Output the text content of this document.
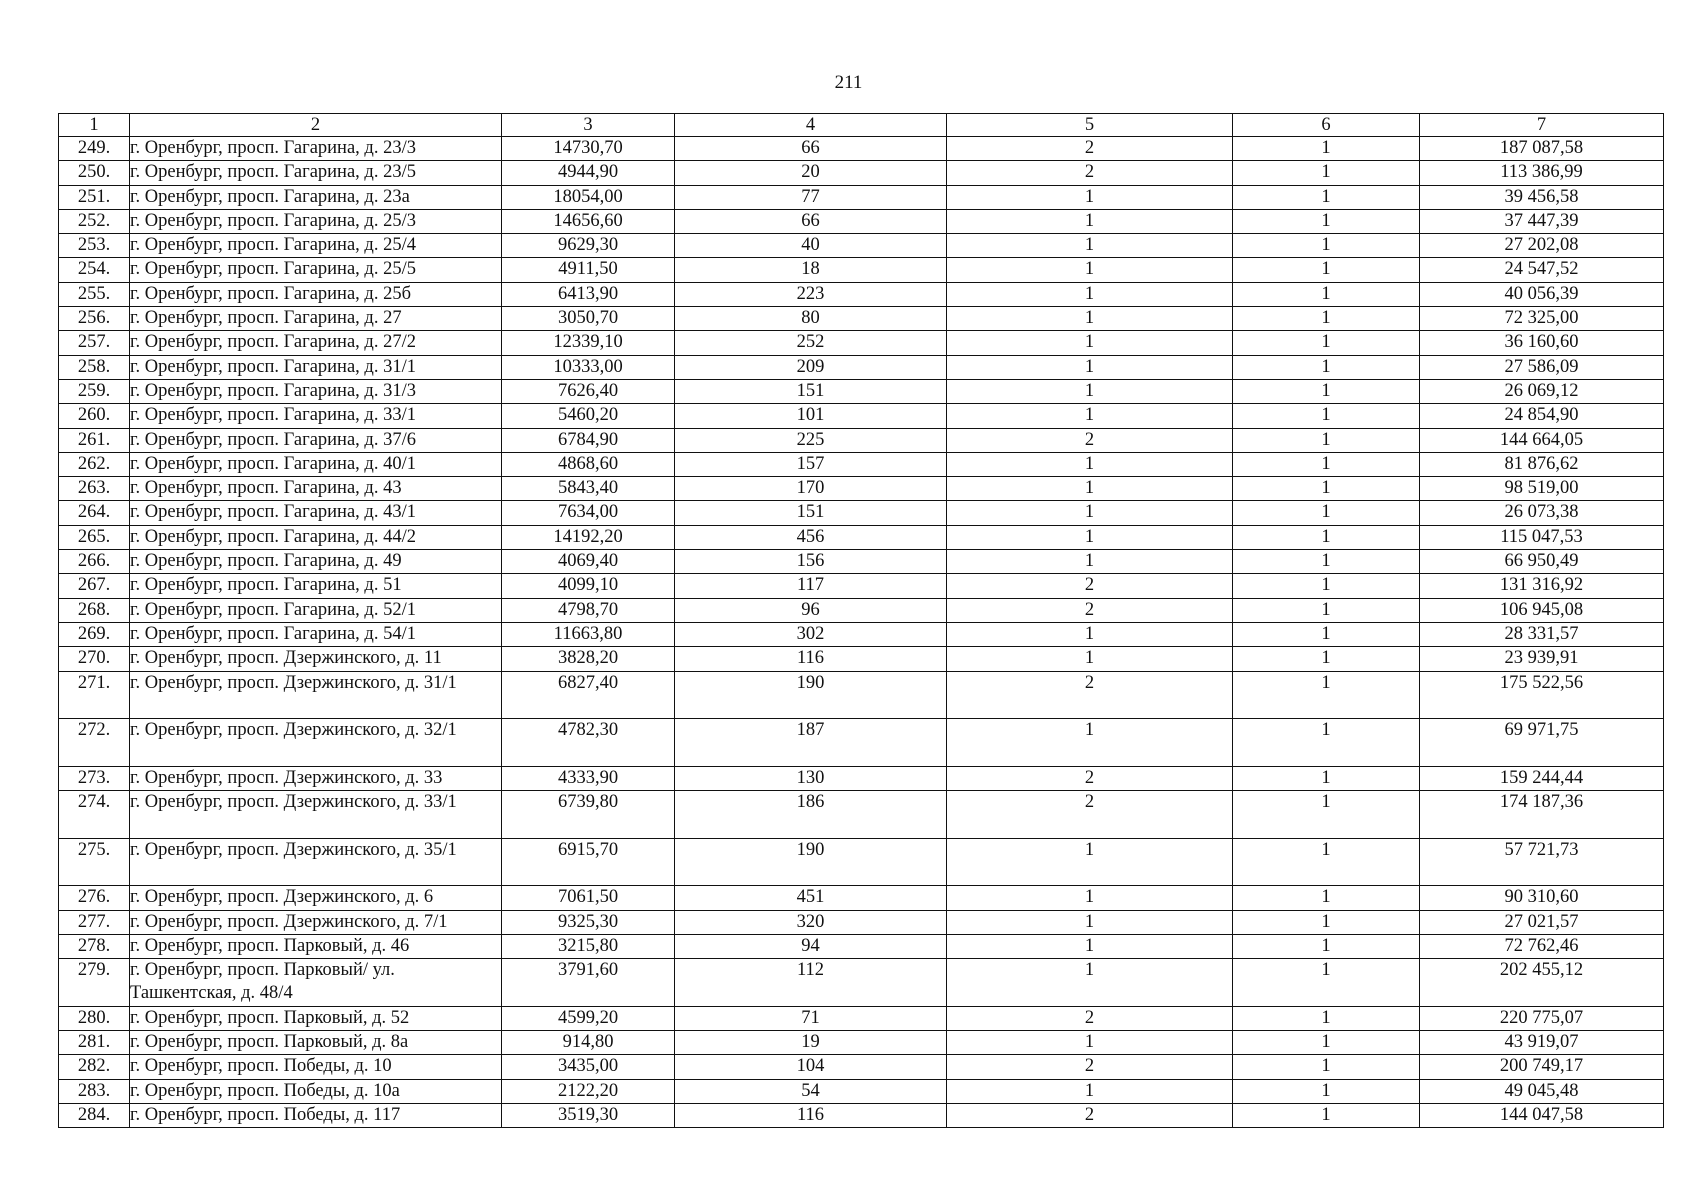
211
1	2	3	4	5	6	7
249.	г. Оренбург, просп. Гагарина, д. 23/3	14730,70	66	2	1	187 087,58
250.	г. Оренбург, просп. Гагарина, д. 23/5	4944,90	20	2	1	113 386,99
251.	г. Оренбург, просп. Гагарина, д. 23а	18054,00	77	1	1	39 456,58
252.	г. Оренбург, просп. Гагарина, д. 25/3	14656,60	66	1	1	37 447,39
253.	г. Оренбург, просп. Гагарина, д. 25/4	9629,30	40	1	1	27 202,08
254.	г. Оренбург, просп. Гагарина, д. 25/5	4911,50	18	1	1	24 547,52
255.	г. Оренбург, просп. Гагарина, д. 25б	6413,90	223	1	1	40 056,39
256.	г. Оренбург, просп. Гагарина, д. 27	3050,70	80	1	1	72 325,00
257.	г. Оренбург, просп. Гагарина, д. 27/2	12339,10	252	1	1	36 160,60
258.	г. Оренбург, просп. Гагарина, д. 31/1	10333,00	209	1	1	27 586,09
259.	г. Оренбург, просп. Гагарина, д. 31/3	7626,40	151	1	1	26 069,12
260.	г. Оренбург, просп. Гагарина, д. 33/1	5460,20	101	1	1	24 854,90
261.	г. Оренбург, просп. Гагарина, д. 37/6	6784,90	225	2	1	144 664,05
262.	г. Оренбург, просп. Гагарина, д. 40/1	4868,60	157	1	1	81 876,62
263.	г. Оренбург, просп. Гагарина, д. 43	5843,40	170	1	1	98 519,00
264.	г. Оренбург, просп. Гагарина, д. 43/1	7634,00	151	1	1	26 073,38
265.	г. Оренбург, просп. Гагарина, д. 44/2	14192,20	456	1	1	115 047,53
266.	г. Оренбург, просп. Гагарина, д. 49	4069,40	156	1	1	66 950,49
267.	г. Оренбург, просп. Гагарина, д. 51	4099,10	117	2	1	131 316,92
268.	г. Оренбург, просп. Гагарина, д. 52/1	4798,70	96	2	1	106 945,08
269.	г. Оренбург, просп. Гагарина, д. 54/1	11663,80	302	1	1	28 331,57
270.	г. Оренбург, просп. Дзержинского, д. 11	3828,20	116	1	1	23 939,91
271.	г. Оренбург, просп. Дзержинского, д. 31/1	6827,40	190	2	1	175 522,56
272.	г. Оренбург, просп. Дзержинского, д. 32/1	4782,30	187	1	1	69 971,75
273.	г. Оренбург, просп. Дзержинского, д. 33	4333,90	130	2	1	159 244,44
274.	г. Оренбург, просп. Дзержинского, д. 33/1	6739,80	186	2	1	174 187,36
275.	г. Оренбург, просп. Дзержинского, д. 35/1	6915,70	190	1	1	57 721,73
276.	г. Оренбург, просп. Дзержинского, д. 6	7061,50	451	1	1	90 310,60
277.	г. Оренбург, просп. Дзержинского, д. 7/1	9325,30	320	1	1	27 021,57
278.	г. Оренбург, просп. Парковый, д. 46	3215,80	94	1	1	72 762,46
279.	г. Оренбург, просп. Парковый/ ул. Ташкентская, д. 48/4	3791,60	112	1	1	202 455,12
280.	г. Оренбург, просп. Парковый, д. 52	4599,20	71	2	1	220 775,07
281.	г. Оренбург, просп. Парковый, д. 8а	914,80	19	1	1	43 919,07
282.	г. Оренбург, просп. Победы, д. 10	3435,00	104	2	1	200 749,17
283.	г. Оренбург, просп. Победы, д. 10а	2122,20	54	1	1	49 045,48
284.	г. Оренбург, просп. Победы, д. 117	3519,30	116	2	1	144 047,58
